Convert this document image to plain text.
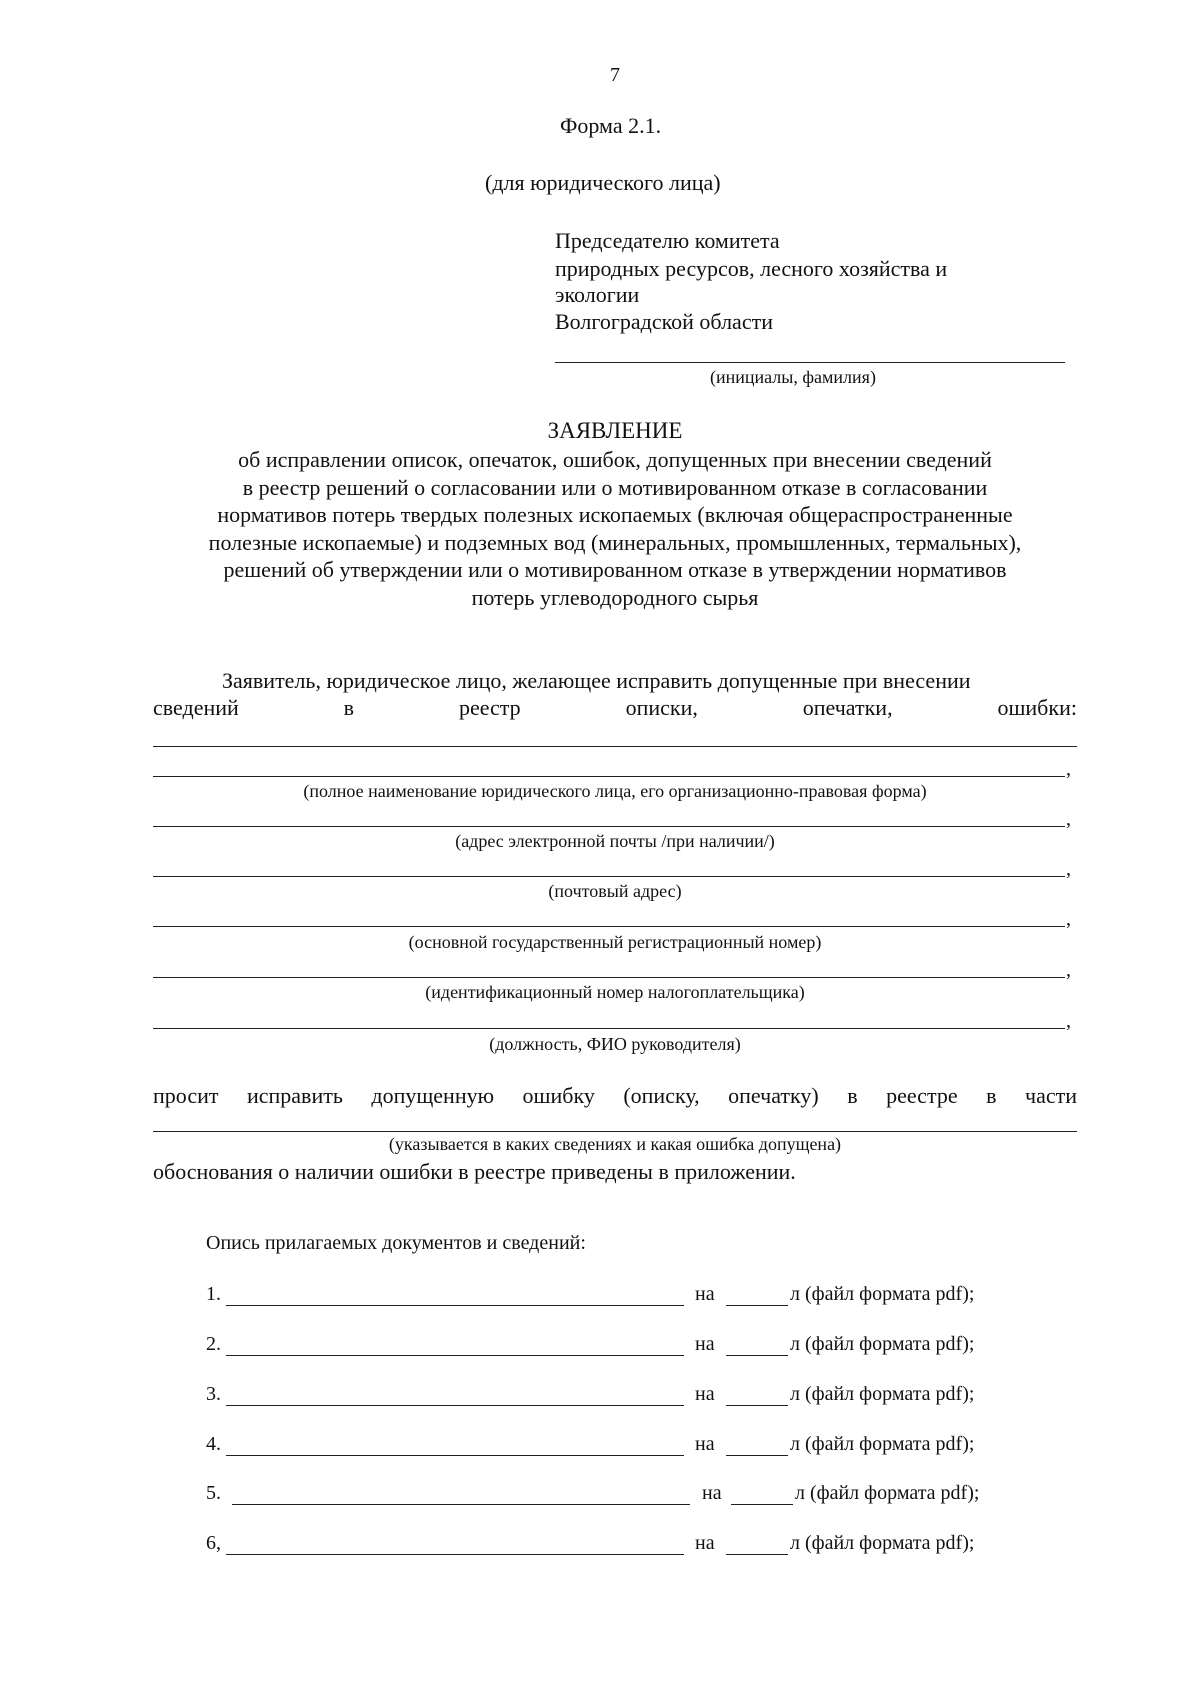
7
Форма 2.1.
(для юридического лица)
Председателю комитета
природных ресурсов, лесного хозяйства и
экологии
Волгоградской области
(инициалы, фамилия)
ЗАЯВЛЕНИЕ
об исправлении описок, опечаток, ошибок, допущенных при внесении сведений
в реестр решений о согласовании или о мотивированном отказе в согласовании
нормативов потерь твердых полезных ископаемых (включая общераспространенные
полезные ископаемые) и подземных вод (минеральных, промышленных, термальных),
решений об утверждении или о мотивированном отказе в утверждении нормативов
потерь углеводородного сырья
Заявитель, юридическое лицо, желающее исправить допущенные при внесении
сведений	в	реестр	описки,	опечатки,	ошибки:
,
(полное наименование юридического лица, его организационно-правовая форма)
,
(адрес электронной почты /при наличии/)
,
(почтовый адрес)
,
(основной государственный регистрационный номер)
,
(идентификационный номер налогоплательщика)
,
(должность, ФИО руководителя)
просит исправить допущенную ошибку (описку, опечатку) в реестре в части
(указывается в каких сведениях и какая ошибка допущена)
обоснования о наличии ошибки в реестре приведены в приложении.
Опись прилагаемых документов и сведений:
1.	на	л (файл формата pdf);
2.	на	л (файл формата pdf);
3.	на	л (файл формата pdf);
4.	на	л (файл формата pdf);
5.	на	л (файл формата pdf);
6,	на	л (файл формата pdf);
